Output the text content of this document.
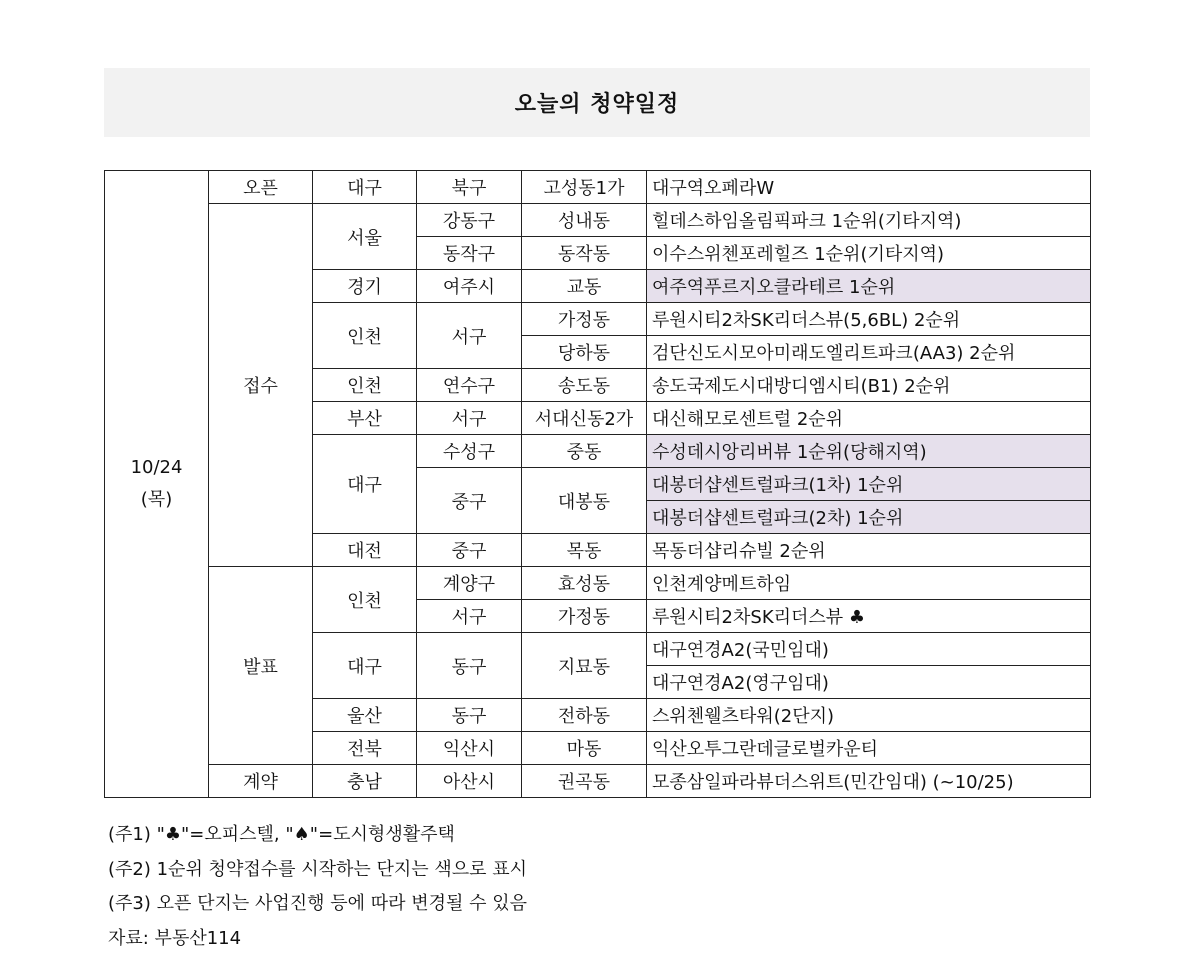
오늘의 청약일정
10/24
(목)	오픈	대구	북구	고성동1가	대구역오페라W
	접수	서울	강동구	성내동	힐데스하임올림픽파크 1순위(기타지역)
			동작구	동작동	이수스위첸포레힐즈 1순위(기타지역)
		경기	여주시	교동	여주역푸르지오클라테르 1순위
		인천	서구	가정동	루원시티2차SK리더스뷰(5,6BL) 2순위
				당하동	검단신도시모아미래도엘리트파크(AA3) 2순위
		인천	연수구	송도동	송도국제도시대방디엠시티(B1) 2순위
		부산	서구	서대신동2가	대신해모로센트럴 2순위
		대구	수성구	중동	수성데시앙리버뷰 1순위(당해지역)
			중구	대봉동	대봉더샵센트럴파크(1차) 1순위
					대봉더샵센트럴파크(2차) 1순위
		대전	중구	목동	목동더샵리슈빌 2순위
	발표	인천	계양구	효성동	인천계양메트하임
			서구	가정동	루원시티2차SK리더스뷰 ♣
		대구	동구	지묘동	대구연경A2(국민임대)
					대구연경A2(영구임대)
		울산	동구	전하동	스위첸웰츠타워(2단지)
		전북	익산시	마동	익산오투그란데글로벌카운티
	계약	충남	아산시	권곡동	모종삼일파라뷰더스위트(민간임대) (~10/25)
(주1) "♣"=오피스텔, "♠"=도시형생활주택
(주2) 1순위 청약접수를 시작하는 단지는 색으로 표시
(주3) 오픈 단지는 사업진행 등에 따라 변경될 수 있음
자료: 부동산114
